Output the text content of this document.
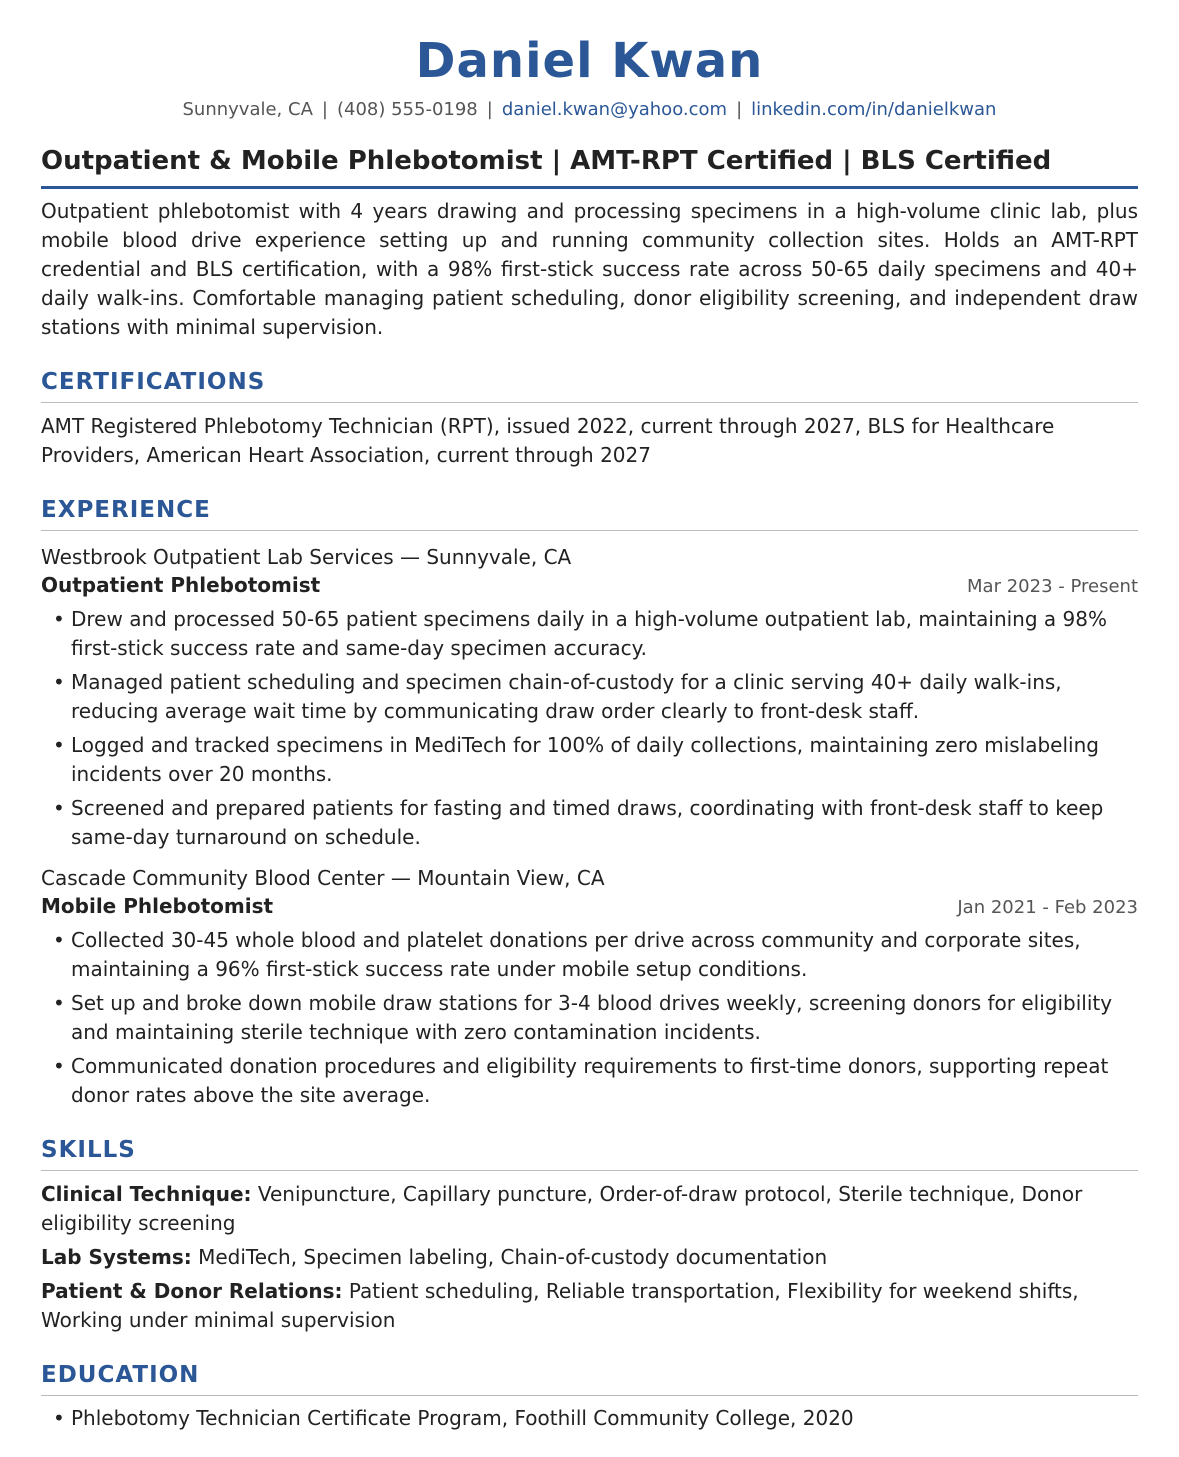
Daniel Kwan
Sunnyvale, CA | (408) 555-0198 | daniel.kwan@yahoo.com | linkedin.com/in/danielkwan
Outpatient & Mobile Phlebotomist | AMT-RPT Certified | BLS Certified
Outpatient phlebotomist with 4 years drawing and processing specimens in a high-volume clinic lab, plus mobile blood drive experience setting up and running community collection sites. Holds an AMT-RPT credential and BLS certification, with a 98% first-stick success rate across 50-65 daily specimens and 40+ daily walk-ins. Comfortable managing patient scheduling, donor eligibility screening, and independent draw stations with minimal supervision.
CERTIFICATIONS
AMT Registered Phlebotomy Technician (RPT), issued 2022, current through 2027, BLS for Healthcare Providers, American Heart Association, current through 2027
EXPERIENCE
Westbrook Outpatient Lab Services — Sunnyvale, CA
Outpatient Phlebotomist	Mar 2023 - Present
• Drew and processed 50-65 patient specimens daily in a high-volume outpatient lab, maintaining a 98% first-stick success rate and same-day specimen accuracy.
• Managed patient scheduling and specimen chain-of-custody for a clinic serving 40+ daily walk-ins, reducing average wait time by communicating draw order clearly to front-desk staff.
• Logged and tracked specimens in MediTech for 100% of daily collections, maintaining zero mislabeling incidents over 20 months.
• Screened and prepared patients for fasting and timed draws, coordinating with front-desk staff to keep same-day turnaround on schedule.
Cascade Community Blood Center — Mountain View, CA
Mobile Phlebotomist	Jan 2021 - Feb 2023
• Collected 30-45 whole blood and platelet donations per drive across community and corporate sites, maintaining a 96% first-stick success rate under mobile setup conditions.
• Set up and broke down mobile draw stations for 3-4 blood drives weekly, screening donors for eligibility and maintaining sterile technique with zero contamination incidents.
• Communicated donation procedures and eligibility requirements to first-time donors, supporting repeat donor rates above the site average.
SKILLS
Clinical Technique: Venipuncture, Capillary puncture, Order-of-draw protocol, Sterile technique, Donor eligibility screening
Lab Systems: MediTech, Specimen labeling, Chain-of-custody documentation
Patient & Donor Relations: Patient scheduling, Reliable transportation, Flexibility for weekend shifts, Working under minimal supervision
EDUCATION
• Phlebotomy Technician Certificate Program, Foothill Community College, 2020
